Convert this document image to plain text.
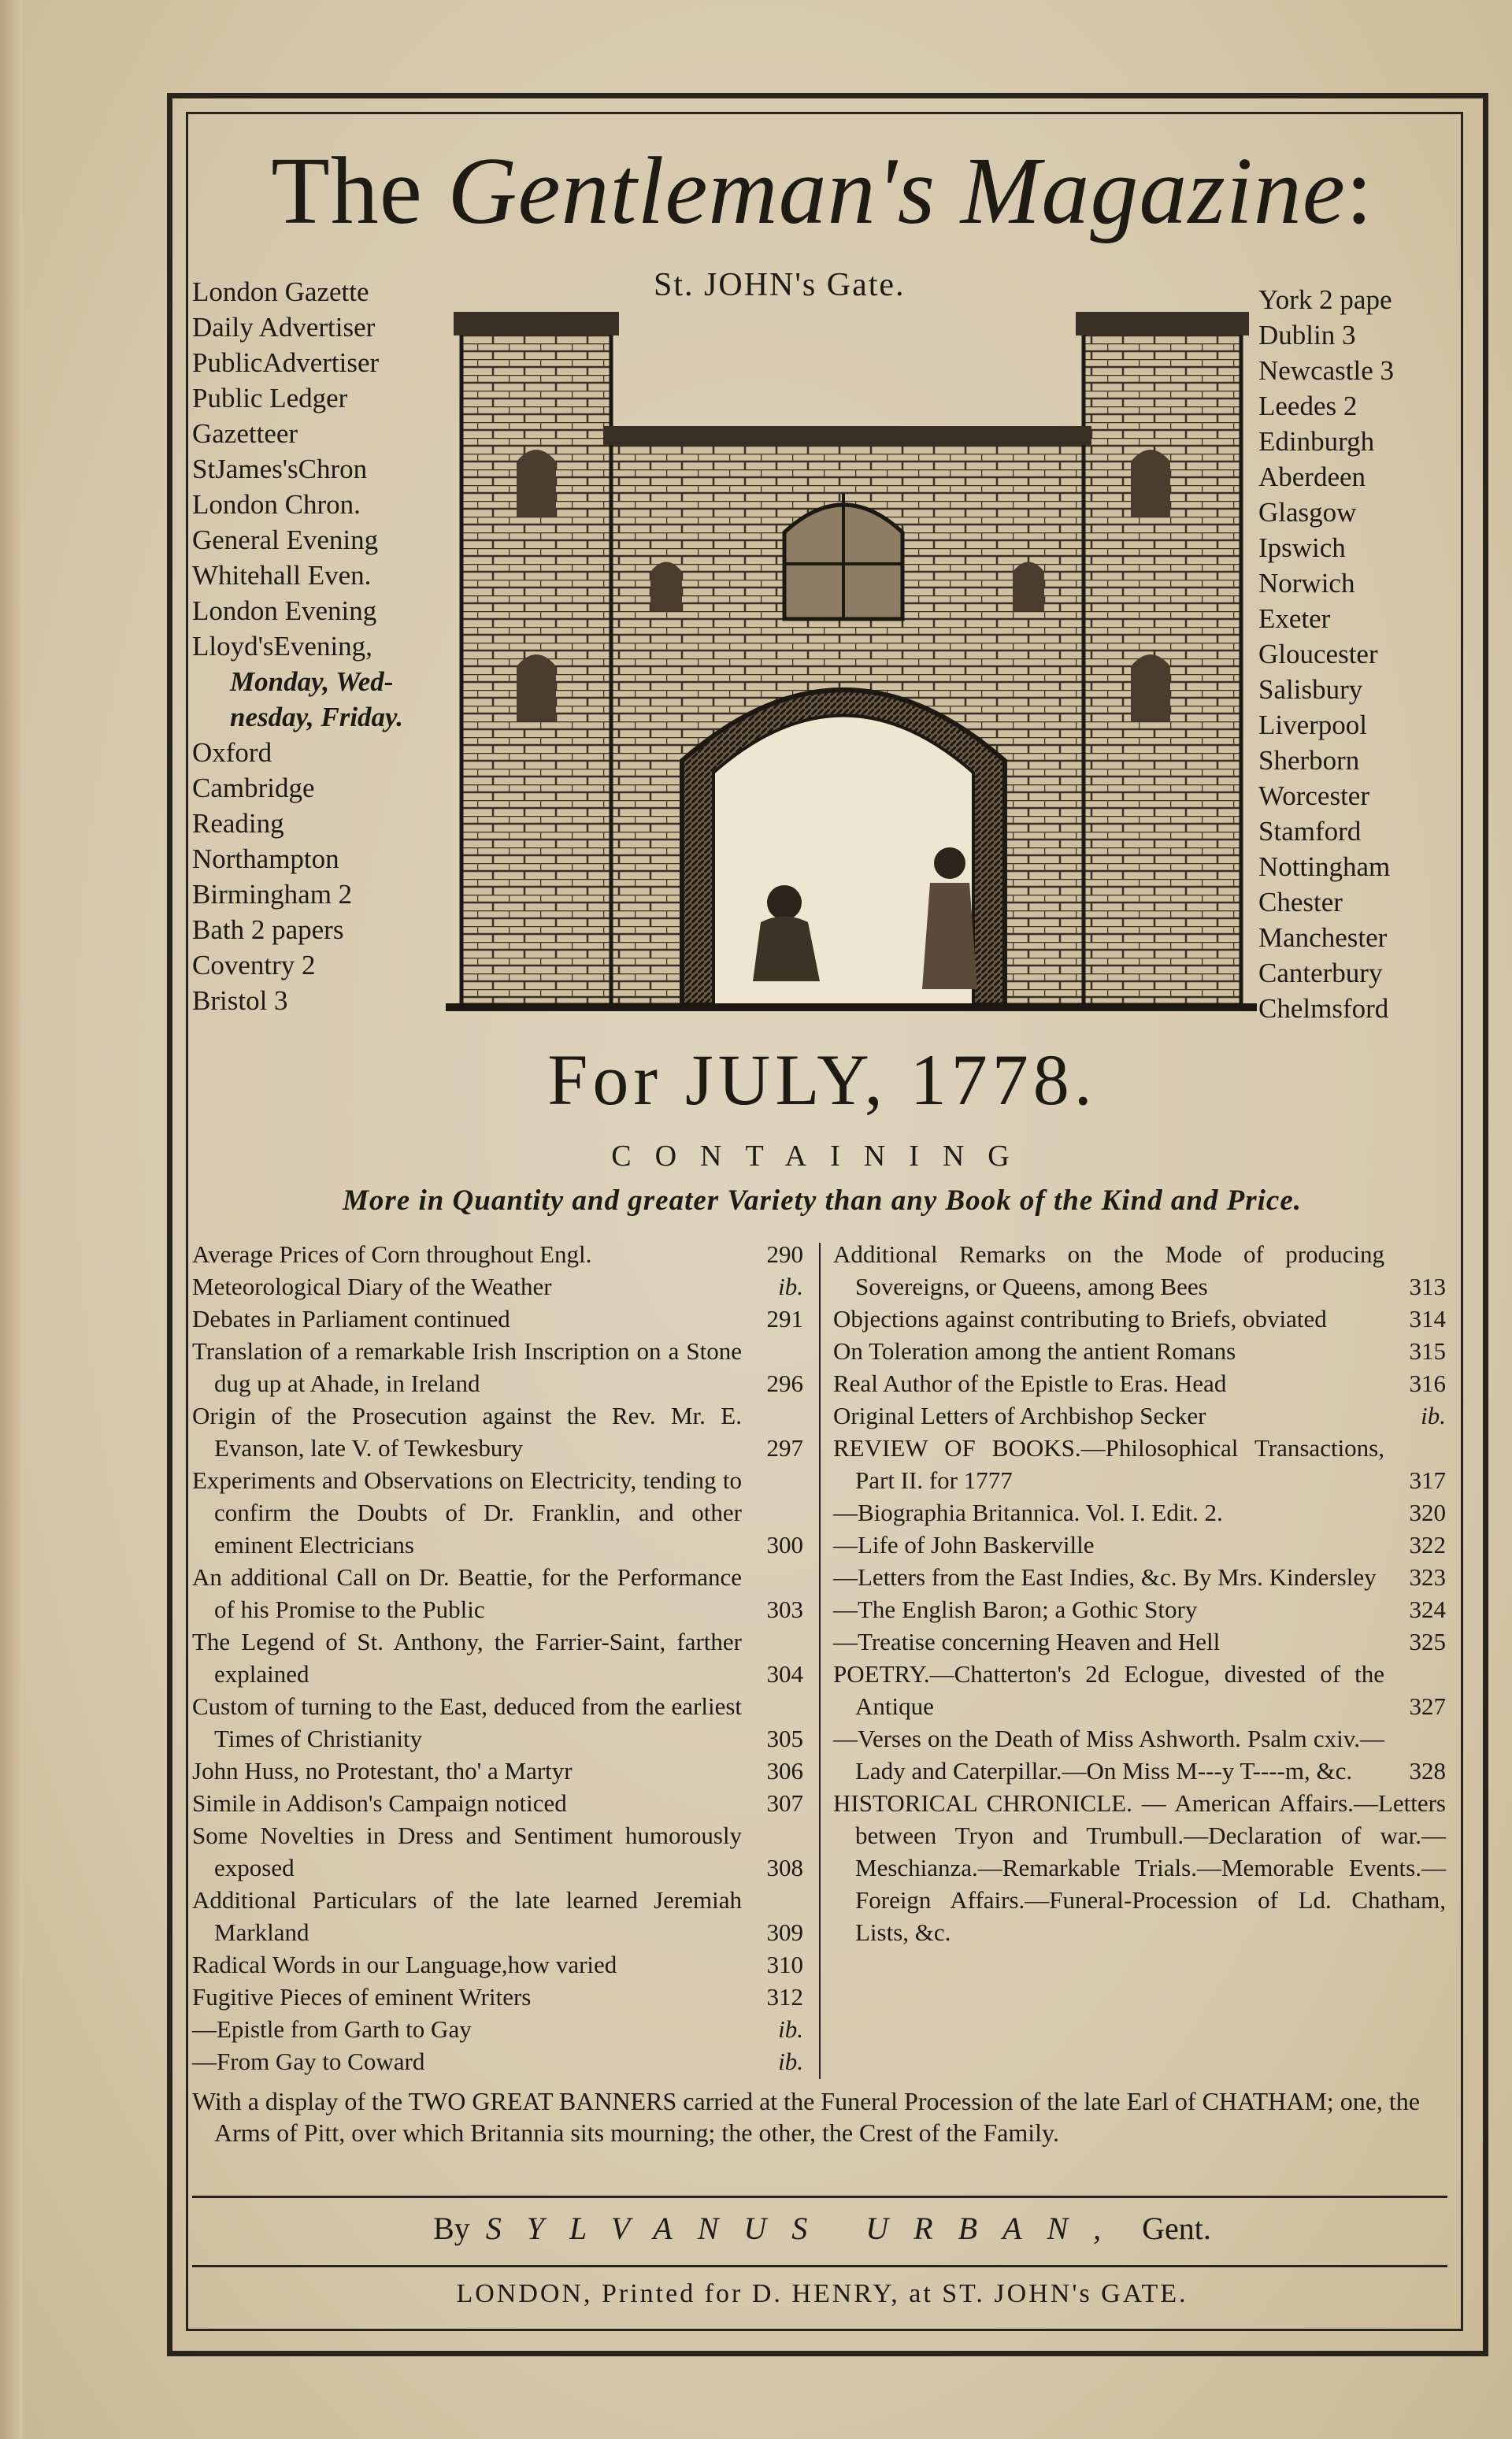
The Gentleman's Magazine:
London Gazette
Daily Advertiser
PublicAdvertiser
Public Ledger
Gazetteer
StJames'sChron
London Chron.
General Evening
Whitehall Even.
London Evening
Lloyd'sEvening,
Monday, Wed-
nesday, Friday.
Oxford
Cambridge
Reading
Northampton
Birmingham 2
Bath 2 papers
Coventry 2
Bristol 3
St. JOHN's Gate.	York 2 pape
Dublin 3
Newcastle 3
Leedes 2
Edinburgh
Aberdeen
Glasgow
Ipswich
Norwich
Exeter
Gloucester
Salisbury
Liverpool
Sherborn
Worcester
Stamford
Nottingham
Chester
Manchester
Canterbury
Chelmsford
For JULY, 1778.
CONTAINING
More in Quantity and greater Variety than any Book of the Kind and Price.
Average Prices of Corn throughout Engl.	290
Meteorological Diary of the Weather	ib.
Debates in Parliament continued	291
Translation of a remarkable Irish Inscription on a Stone dug up at Ahade, in Ireland	296
Origin of the Prosecution against the Rev. Mr. E. Evanson, late V. of Tewkesbury	297
Experiments and Observations on Electricity, tending to confirm the Doubts of Dr. Franklin, and other eminent Electricians	300
An additional Call on Dr. Beattie, for the Performance of his Promise to the Public	303
The Legend of St. Anthony, the Farrier-Saint, farther explained	304
Custom of turning to the East, deduced from the earliest Times of Christianity	305
John Huss, no Protestant, tho' a Martyr	306
Simile in Addison's Campaign noticed	307
Some Novelties in Dress and Sentiment humorously exposed	308
Additional Particulars of the late learned Jeremiah Markland	309
Radical Words in our Language,how varied	310
Fugitive Pieces of eminent Writers	312
—Epistle from Garth to Gay	ib.
—From Gay to Coward	ib.
Additional Remarks on the Mode of producing Sovereigns, or Queens, among Bees	313
Objections against contributing to Briefs, obviated	314
On Toleration among the antient Romans	315
Real Author of the Epistle to Eras. Head	316
Original Letters of Archbishop Secker	ib.
REVIEW OF BOOKS.—Philosophical Transactions, Part II. for 1777	317
—Biographia Britannica. Vol. I. Edit. 2.	320
—Life of John Baskerville	322
—Letters from the East Indies, &c. By Mrs. Kindersley	323
—The English Baron; a Gothic Story	324
—Treatise concerning Heaven and Hell	325
POETRY.—Chatterton's 2d Eclogue, divested of the Antique	327
—Verses on the Death of Miss Ashworth. Psalm cxiv.—Lady and Caterpillar.—On Miss M---y T----m, &c.	328
HISTORICAL CHRONICLE. — American Affairs.—Letters between Tryon and Trumbull.—Declaration of war.—Meschianza.—Remarkable Trials.—Memorable Events.—Foreign Affairs.—Funeral-Procession of Ld. Chatham, Lists, &c.
With a display of the TWO GREAT BANNERS carried at the Funeral Procession of the late Earl of CHATHAM; one, the Arms of Pitt, over which Britannia sits mourning; the other, the Crest of the Family.
By SYLVANUS URBAN, Gent.
LONDON, Printed for D. HENRY, at ST. JOHN's GATE.
